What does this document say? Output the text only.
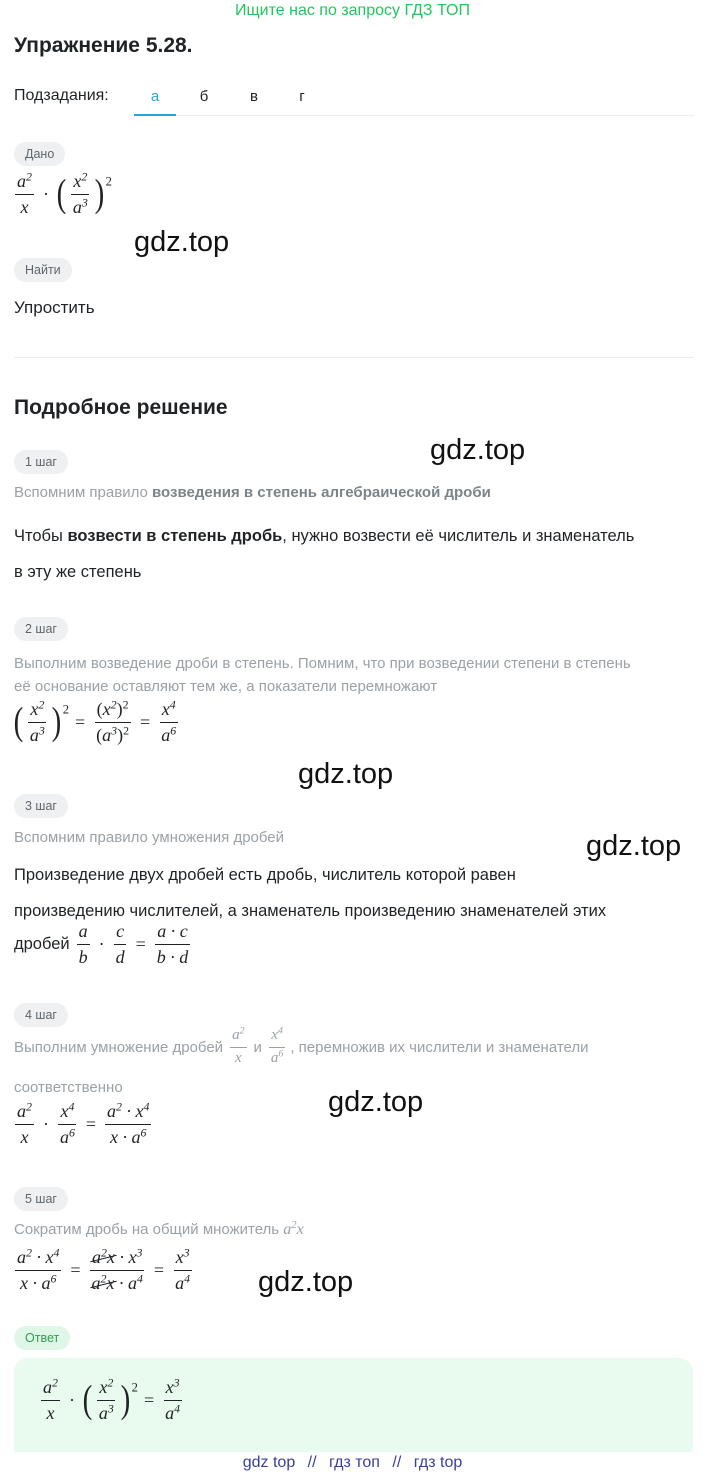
Ищите нас по запросу ГДЗ ТОП
Упражнение 5.28.
Подзадания:	а	б	в	г
Дано
$\frac{a^2}{x}$ · ( $\frac{x^2}{a^3}$ ) $^2$
gdz.top
Найти
Упростить
Подробное решение
gdz.top
1 шаг
Вспомним правило возведения в степень алгебраической дроби
Чтобы возвести в степень дробь, нужно возвести её числитель и знаменатель
в эту же степень
2 шаг
Выполним возведение дроби в степень. Помним, что при возведении степени в степень
её основание оставляют тем же, а показатели перемножают
( $\frac{x^2}{a^3}$ ) $^2= \frac{(x^2)^2}{(a^3)^2} = \frac{x^4}{a^6}$
gdz.top
3 шаг
Вспомним правило умножения дробей	gdz.top
Произведение двух дробей есть дробь, числитель которой равен
произведению числителей, а знаменатель произведению знаменателей этих
дробей $\frac{a}{b} \cdot \frac{c}{d} = \frac{a \cdot c}{b \cdot d}$
4 шаг
Выполним умножение дробей $\frac{a^2}{x}$ и $\frac{x^4}{a^6}$ , перемножив их числители и знаменатели
соответственно
$\frac{a^2}{x} \cdot \frac{x^4}{a^6} = \frac{a^2 \cdot x^4}{x \cdot a^6}$	gdz.top
5 шаг
Сократим дробь на общий множитель $a^2x$
$\frac{a^2 \cdot x^4}{x \cdot a^6} = \frac{a^2x \cdot x^3}{a^2x \cdot a^4} = \frac{x^3}{a^4} gdz.top$
Ответ
$\frac{a^2}{x}$ · ( $\frac{x^2}{a^3}$ ) $^2= \frac{x^3}{a^4}$
gdz top // гдз топ // гдз top
